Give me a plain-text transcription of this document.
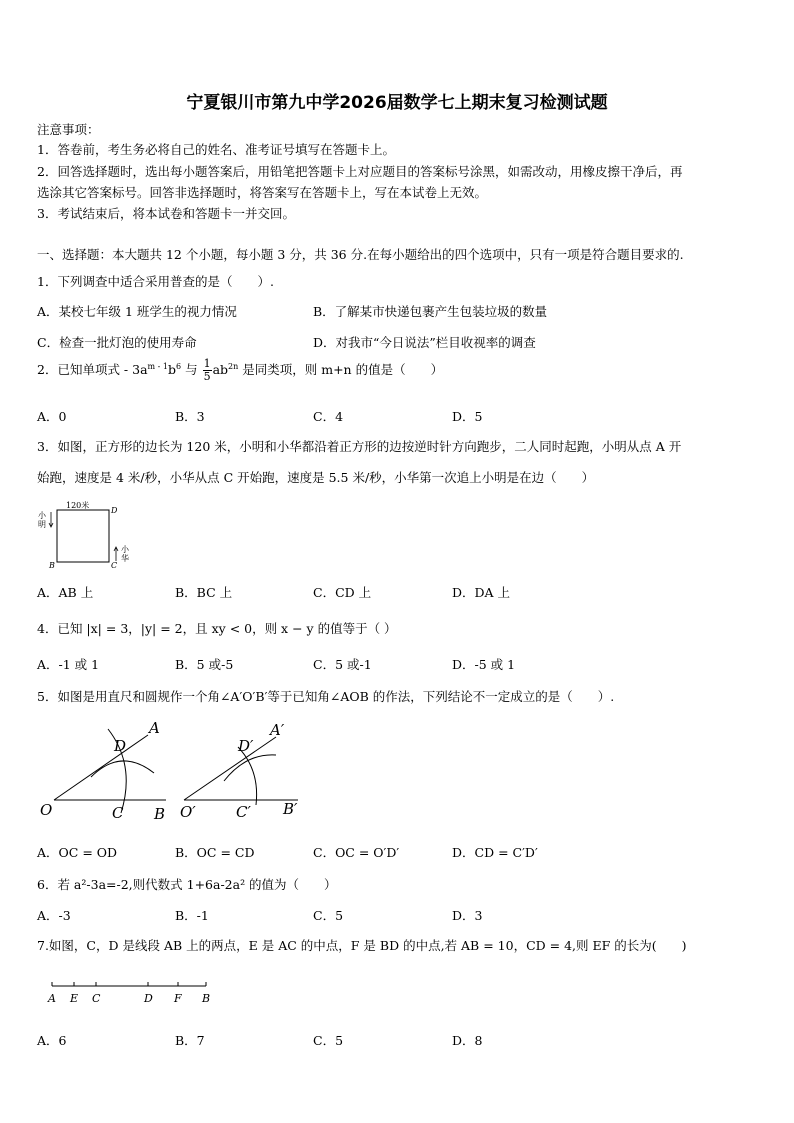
宁夏银川市第九中学2026届数学七上期末复习检测试题
注意事项：
1．答卷前，考生务必将自己的姓名、准考证号填写在答题卡上。
2．回答选择题时，选出每小题答案后，用铅笔把答题卡上对应题目的答案标号涂黑，如需改动，用橡皮擦干净后，再
选涂其它答案标号。回答非选择题时，将答案写在答题卡上，写在本试卷上无效。
3．考试结束后，将本试卷和答题卡一并交回。
一、选择题：本大题共 12 个小题，每小题 3 分，共 36 分.在每小题给出的四个选项中，只有一项是符合题目要求的.
1．下列调查中适合采用普查的是（　　）.
A．某校七年级 1 班学生的视力情况	B．了解某市快递包裹产生包装垃圾的数量
C．检查一批灯泡的使用寿命	D．对我市“今日说法”栏目收视率的调查
2．已知单项式 - $3a^{m - 1}b^6$ 与 $\frac{1}{5} ab^{2n}$ 是同类项，则 m+n 的值是（　　）
A．0	B．3	C．4	D．5
3．如图，正方形的边长为 120 米，小明和小华都沿着正方形的边按逆时针方向跑步，二人同时起跑，小明从点 A 开
始跑，速度是 4 米/秒，小华从点 C 开始跑，速度是 5.5 米/秒，小华第一次追上小明是在边（　　）
120米
D
B	C
小明
小华
A．AB 上	B．BC 上	C．CD 上	D．DA 上
4．已知 |x| = 3，|y| = 2，且 xy < 0，则 x − y 的值等于（ ）
A．-1 或 1	B．5 或-5	C．5 或-1	D．-5 或 1
5．如图是用直尺和圆规作一个角∠A′O′B′等于已知角∠AOB 的作法，下列结论不一定成立的是（　　）.
A
D
O	C B
A′
D′
O′	C′ B′
A．OC = OD	B．OC = CD	C．OC = O′D′	D．CD = C′D′
6．若 a²-3a=-2,则代数式 1+6a-2a² 的值为（　　）
A．-3	B．-1	C．5	D．3
7.如图，C，D 是线段 AB 上的两点，E 是 AC 的中点，F 是 BD 的中点,若 AB = 10，CD = 4,则 EF 的长为(　　)
A E C	D F B
A．6	B．7	C．5	D．8
